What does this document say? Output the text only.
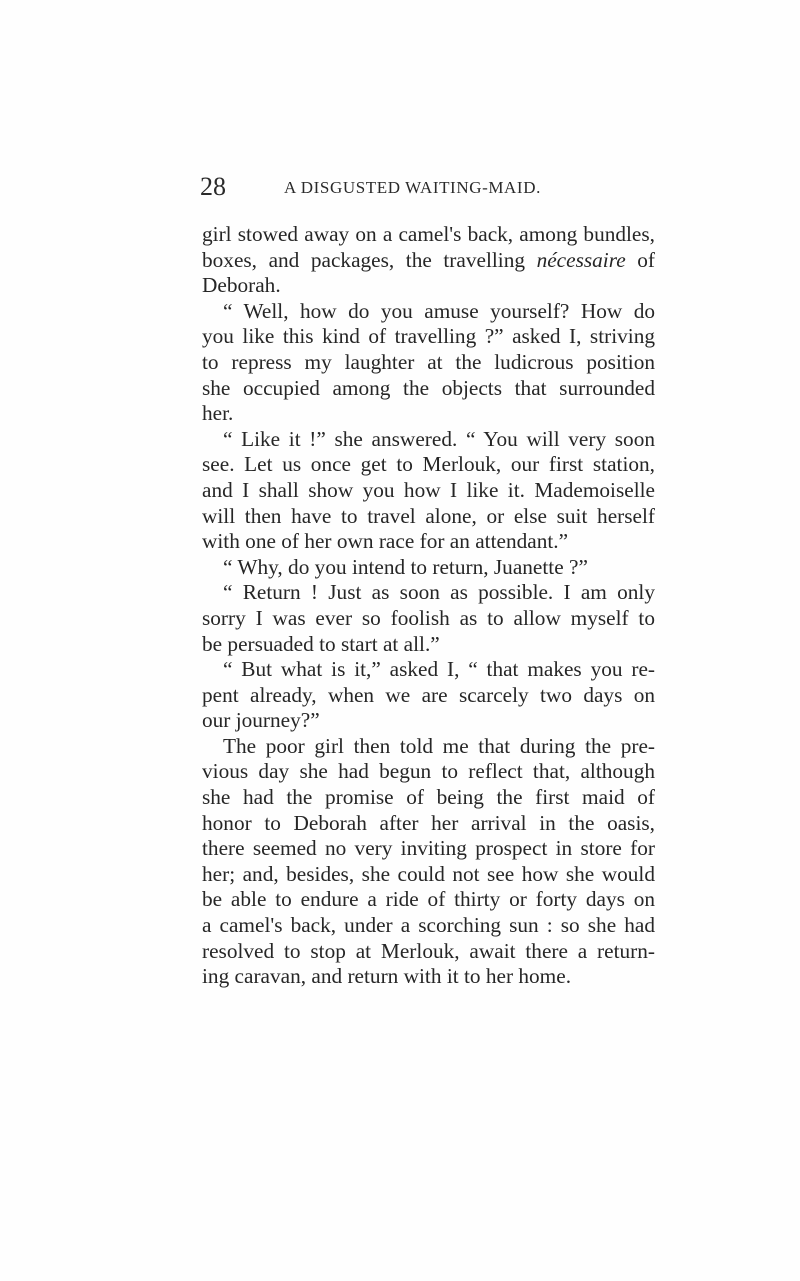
28	A DISGUSTED WAITING-MAID.
girl stowed away on a camel's back, among bundles,
boxes, and packages, the travelling nécessaire of
Deborah.
“ Well, how do you amuse yourself? How do
you like this kind of travelling ?” asked I, striving
to repress my laughter at the ludicrous position
she occupied among the objects that surrounded
her.
“ Like it !” she answered. “ You will very soon
see. Let us once get to Merlouk, our first station,
and I shall show you how I like it. Mademoiselle
will then have to travel alone, or else suit herself
with one of her own race for an attendant.”
“ Why, do you intend to return, Juanette ?”
“ Return ! Just as soon as possible. I am only
sorry I was ever so foolish as to allow myself to
be persuaded to start at all.”
“ But what is it,” asked I, “ that makes you re-
pent already, when we are scarcely two days on
our journey?”
The poor girl then told me that during the pre-
vious day she had begun to reflect that, although
she had the promise of being the first maid of
honor to Deborah after her arrival in the oasis,
there seemed no very inviting prospect in store for
her; and, besides, she could not see how she would
be able to endure a ride of thirty or forty days on
a camel's back, under a scorching sun : so she had
resolved to stop at Merlouk, await there a return-
ing caravan, and return with it to her home.
